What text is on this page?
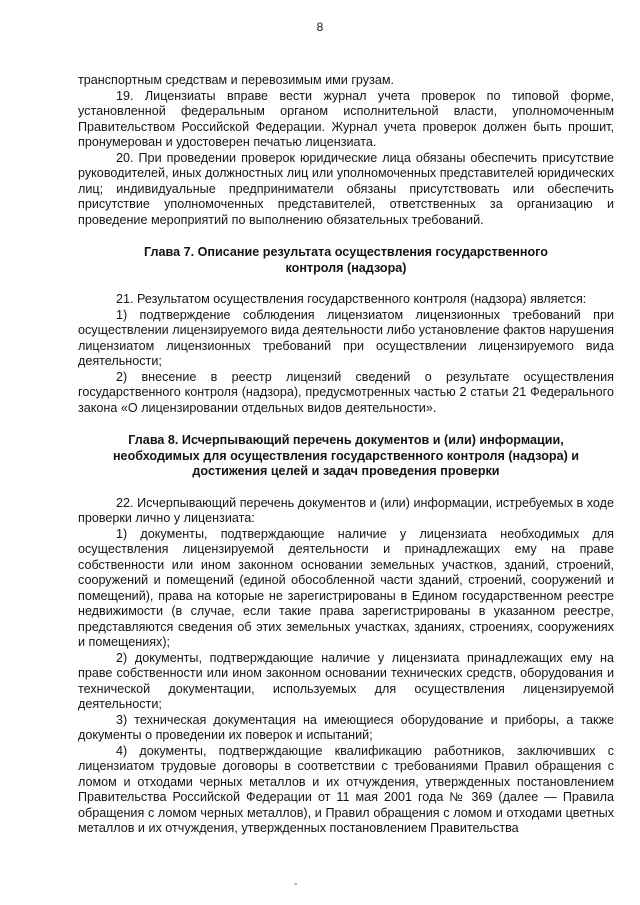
8

транспортным средствам и перевозимым ими грузам.

19. Лицензиаты вправе вести журнал учета проверок по типовой форме, установленной федеральным органом исполнительной власти, уполномоченным Правительством Российской Федерации. Журнал учета проверок должен быть прошит, пронумерован и удостоверен печатью лицензиата.

20. При проведении проверок юридические лица обязаны обеспечить присутствие руководителей, иных должностных лиц или уполномоченных представителей юридических лиц; индивидуальные предприниматели обязаны присутствовать или обеспечить присутствие уполномоченных представителей, ответственных за организацию и проведение мероприятий по выполнению обязательных требований.

Глава 7. Описание результата осуществления государственного

контроля (надзора)

21. Результатом осуществления государственного контроля (надзора) является:

1) подтверждение соблюдения лицензиатом лицензионных требований при осуществлении лицензируемого вида деятельности либо установление фактов нарушения лицензиатом лицензионных требований при осуществлении лицензируемого вида деятельности;

2) внесение в реестр лицензий сведений о результате осуществления государственного контроля (надзора), предусмотренных частью 2 статьи 21 Федерального закона «О лицензировании отдельных видов деятельности».

Глава 8. Исчерпывающий перечень документов и (или) информации,

необходимых для осуществления государственного контроля (надзора) и

достижения целей и задач проведения проверки

22. Исчерпывающий перечень документов и (или) информации, истребуемых в ходе проверки лично у лицензиата:

1) документы, подтверждающие наличие у лицензиата необходимых для осуществления лицензируемой деятельности и принадлежащих ему на праве собственности или ином законном основании земельных участков, зданий, строений, сооружений и помещений (единой обособленной части зданий, строений, сооружений и помещений), права на которые не зарегистрированы в Едином государственном реестре недвижимости (в случае, если такие права зарегистрированы в указанном реестре, представляются сведения об этих земельных участках, зданиях, строениях, сооружениях и помещениях);

2) документы, подтверждающие наличие у лицензиата принадлежащих ему на праве собственности или ином законном основании технических средств, оборудования и технической документации, используемых для осуществления лицензируемой деятельности;

3) техническая документация на имеющиеся оборудование и приборы, а также документы о проведении их поверок и испытаний;

4) документы, подтверждающие квалификацию работников, заключивших с лицензиатом трудовые договоры в соответствии с требованиями Правил обращения с ломом и отходами черных металлов и их отчуждения, утвержденных постановлением Правительства Российской Федерации от 11 мая 2001 года № 369 (далее — Правила обращения с ломом черных металлов), и Правил обращения с ломом и отходами цветных металлов и их отчуждения, утвержденных постановлением Правительства

-
